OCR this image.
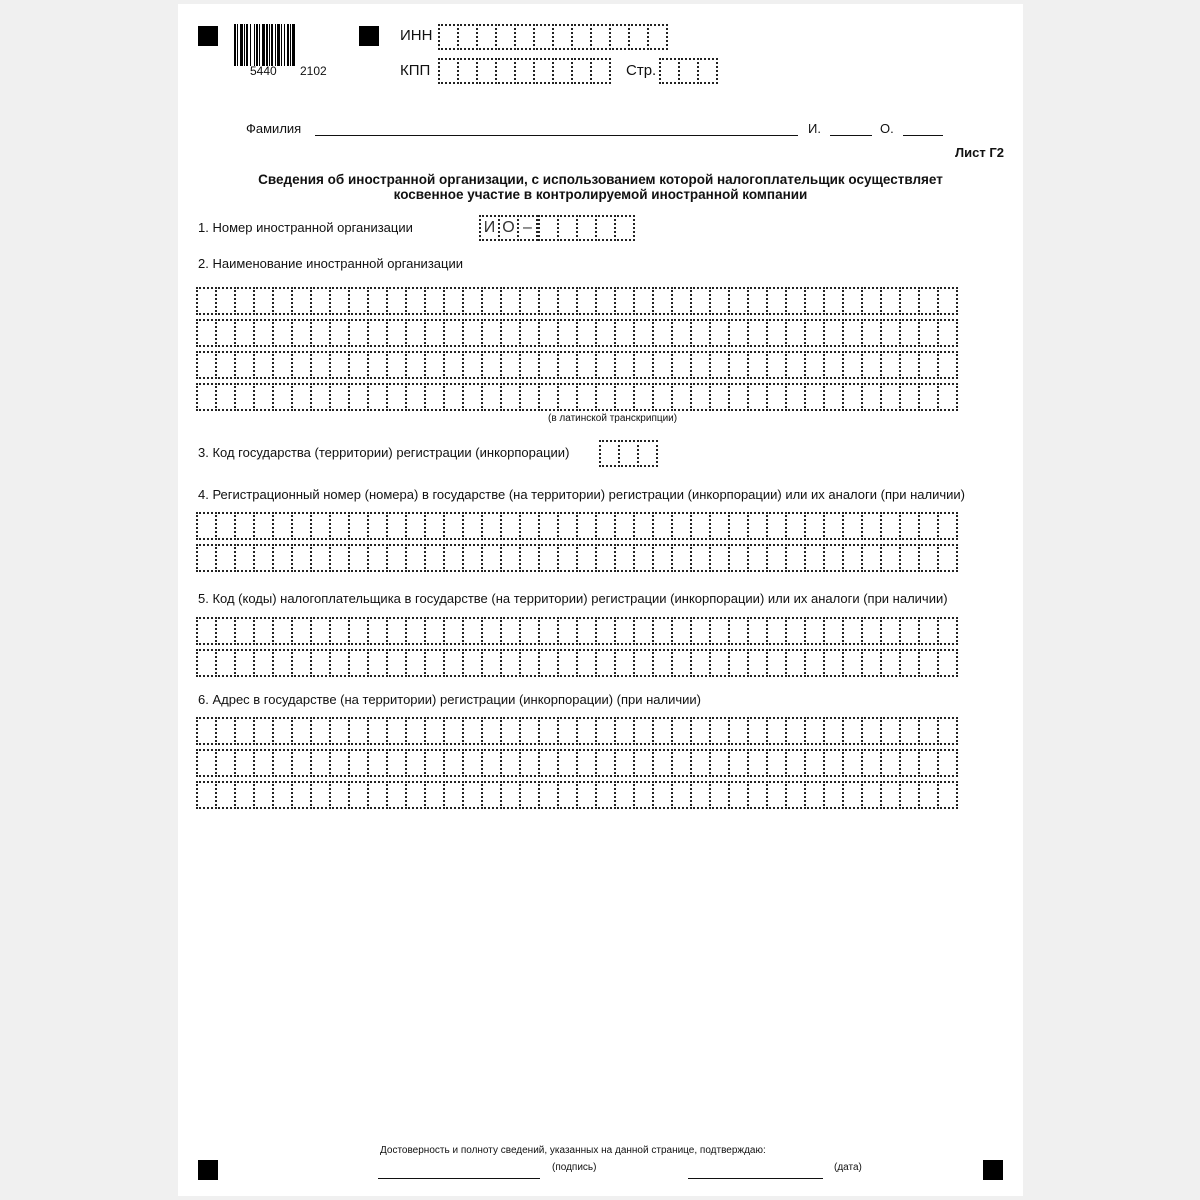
5440 2102
ИНН
КПП	Стр.
Фамилия	И.	О.
Лист Г2
Сведения об иностранной организации, с использованием которой налогоплательщик осуществляет
косвенное участие в контролируемой иностранной компании
1. Номер иностранной организации	И О –
2. Наименование иностранной организации
(в латинской транскрипции)
3. Код государства (территории) регистрации (инкорпорации)
4. Регистрационный номер (номера) в государстве (на территории) регистрации (инкорпорации) или их аналоги (при наличии)
5. Код (коды) налогоплательщика в государстве (на территории) регистрации (инкорпорации) или их аналоги (при наличии)
6. Адрес в государстве (на территории) регистрации (инкорпорации) (при наличии)
Достоверность и полноту сведений, указанных на данной странице, подтверждаю:
(подпись)	(дата)
